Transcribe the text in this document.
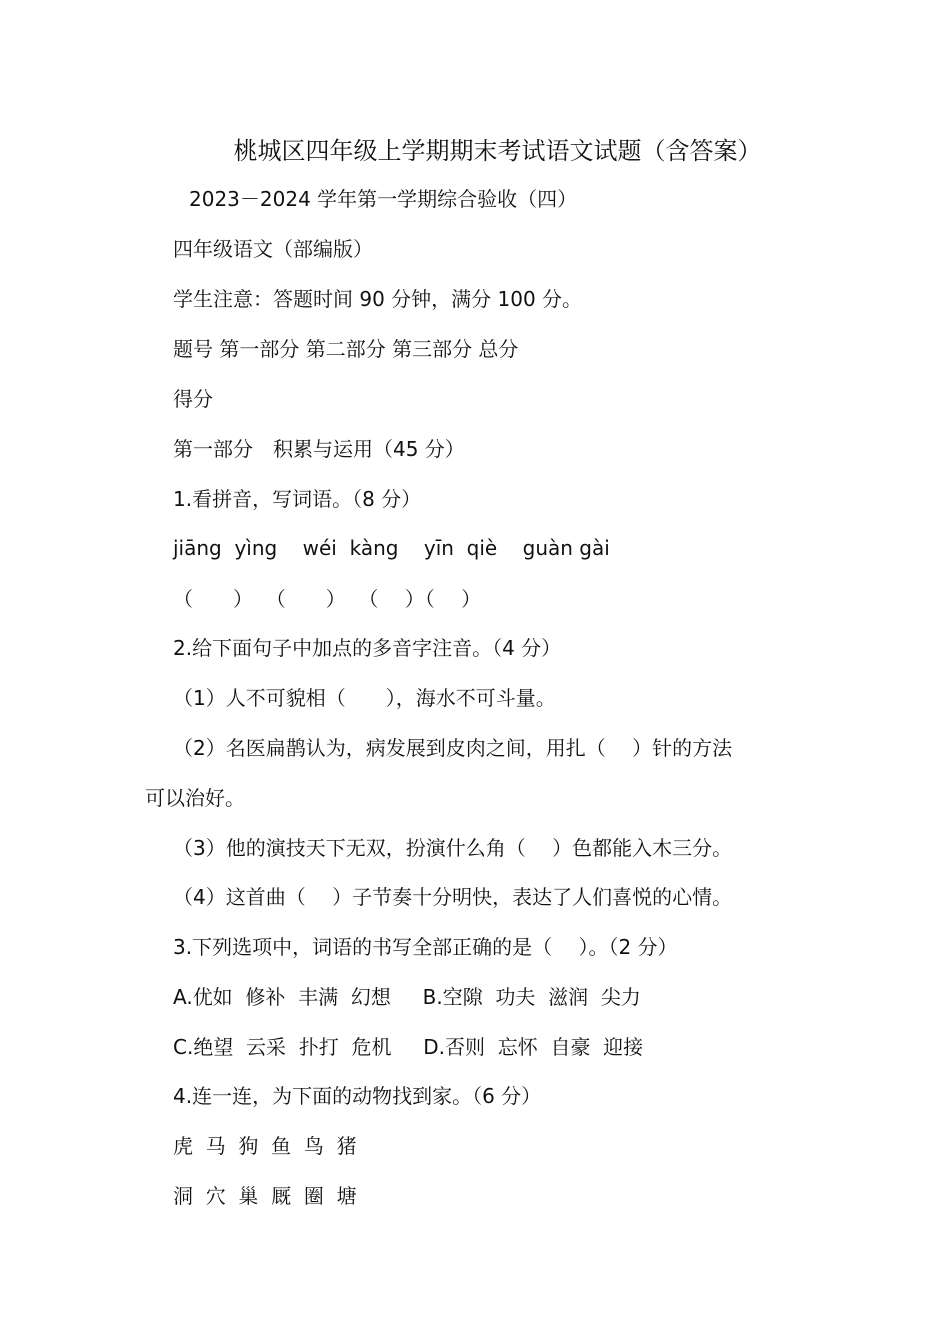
桃城区四年级上学期期末考试语文试题（含答案）
2023－2024 学年第一学期综合验收（四）
四年级语文（部编版）
学生注意：答题时间 90 分钟，满分 100 分。
题号 第一部分 第二部分 第三部分 总分
得分
第一部分　积累与运用（45 分）
1.看拼音，写词语。（8 分）
jiāng  yìng    wéi  kàng    yīn  qiè    guàn gài
（　　）  （　　）  （　 ）（　 ）
2.给下面句子中加点的多音字注音。（4 分）
（1）人不可貌相（　　），海水不可斗量。
（2）名医扁鹊认为，病发展到皮肉之间，用扎（　 ）针的方法
可以治好。
（3）他的演技天下无双，扮演什么角（　 ）色都能入木三分。
（4）这首曲（　 ）子节奏十分明快，表达了人们喜悦的心情。
3.下列选项中，词语的书写全部正确的是（　 ）。（2 分）
A.优如  修补  丰满  幻想     B.空隙  功夫  滋润  尖力
C.绝望  云采  扑打  危机     D.否则  忘怀  自豪  迎接
4.连一连，为下面的动物找到家。（6 分）
虎  马  狗  鱼  鸟  猪
洞  穴  巢  厩  圈  塘
